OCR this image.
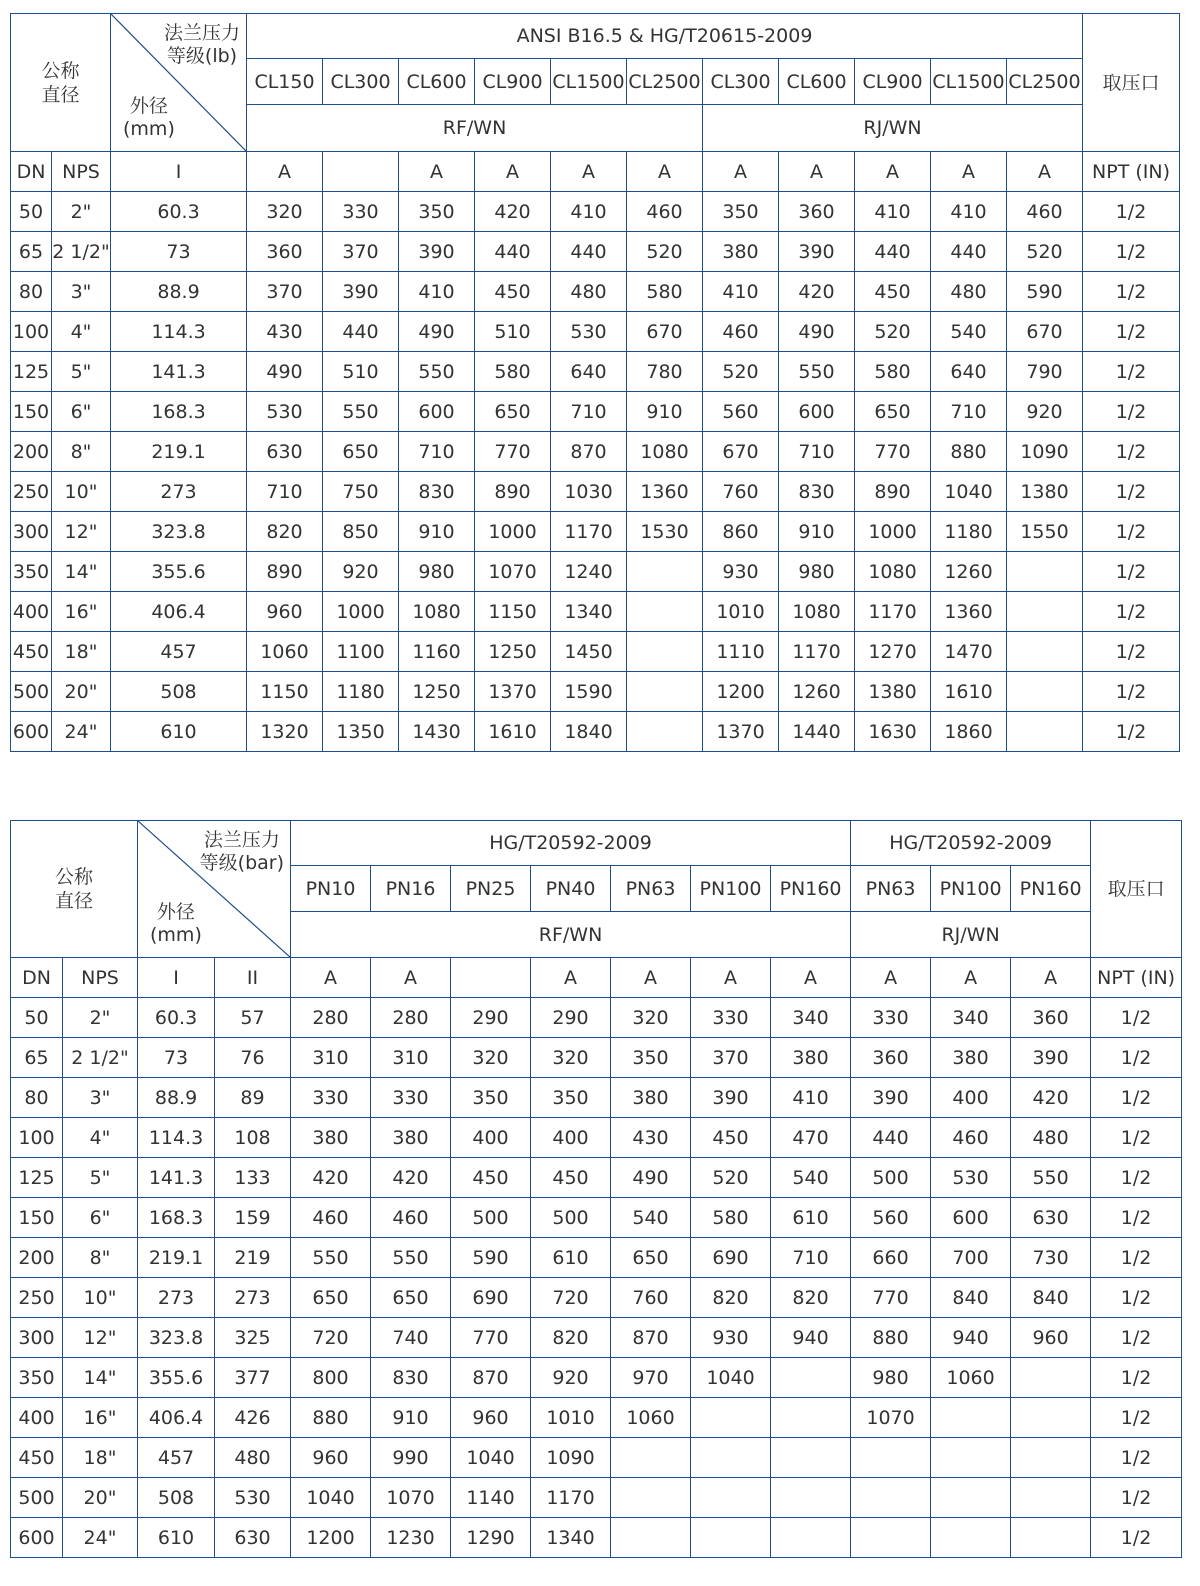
公称
直径		法兰压力
等级(lb)
外径
(mm)	ANSI B16.5 & HG/T20615-2009											取压口
			CL150	CL300	CL600	CL900	CL1500	CL2500	CL300	CL600	CL900	CL1500	CL2500	
			RF/WN						RJ/WN					
DN	NPS	I	A		A	A	A	A	A	A	A	A	A	NPT (IN)
50	2"	60.3	320	330	350	420	410	460	350	360	410	410	460	1/2
65	2 1/2"	73	360	370	390	440	440	520	380	390	440	440	520	1/2
80	3"	88.9	370	390	410	450	480	580	410	420	450	480	590	1/2
100	4"	114.3	430	440	490	510	530	670	460	490	520	540	670	1/2
125	5"	141.3	490	510	550	580	640	780	520	550	580	640	790	1/2
150	6"	168.3	530	550	600	650	710	910	560	600	650	710	920	1/2
200	8"	219.1	630	650	710	770	870	1080	670	710	770	880	1090	1/2
250	10"	273	710	750	830	890	1030	1360	760	830	890	1040	1380	1/2
300	12"	323.8	820	850	910	1000	1170	1530	860	910	1000	1180	1550	1/2
350	14"	355.6	890	920	980	1070	1240		930	980	1080	1260		1/2
400	16"	406.4	960	1000	1080	1150	1340		1010	1080	1170	1360		1/2
450	18"	457	1060	1100	1160	1250	1450		1110	1170	1270	1470		1/2
500	20"	508	1150	1180	1250	1370	1590		1200	1260	1380	1610		1/2
600	24"	610	1320	1350	1430	1610	1840		1370	1440	1630	1860		1/2
公称
直径		法兰压力
等级(bar)
外径
(mm)		HG/T20592-2009							HG/T20592-2009			取压口
				PN10	PN16	PN25	PN40	PN63	PN100	PN160	PN63	PN100	PN160	
				RF/WN							RJ/WN			
DN	NPS	I	II	A	A		A	A	A	A	A	A	A	NPT (IN)
50	2"	60.3	57	280	280	290	290	320	330	340	330	340	360	1/2
65	2 1/2"	73	76	310	310	320	320	350	370	380	360	380	390	1/2
80	3"	88.9	89	330	330	350	350	380	390	410	390	400	420	1/2
100	4"	114.3	108	380	380	400	400	430	450	470	440	460	480	1/2
125	5"	141.3	133	420	420	450	450	490	520	540	500	530	550	1/2
150	6"	168.3	159	460	460	500	500	540	580	610	560	600	630	1/2
200	8"	219.1	219	550	550	590	610	650	690	710	660	700	730	1/2
250	10"	273	273	650	650	690	720	760	820	820	770	840	840	1/2
300	12"	323.8	325	720	740	770	820	870	930	940	880	940	960	1/2
350	14"	355.6	377	800	830	870	920	970	1040		980	1060		1/2
400	16"	406.4	426	880	910	960	1010	1060			1070			1/2
450	18"	457	480	960	990	1040	1090							1/2
500	20"	508	530	1040	1070	1140	1170							1/2
600	24"	610	630	1200	1230	1290	1340							1/2
